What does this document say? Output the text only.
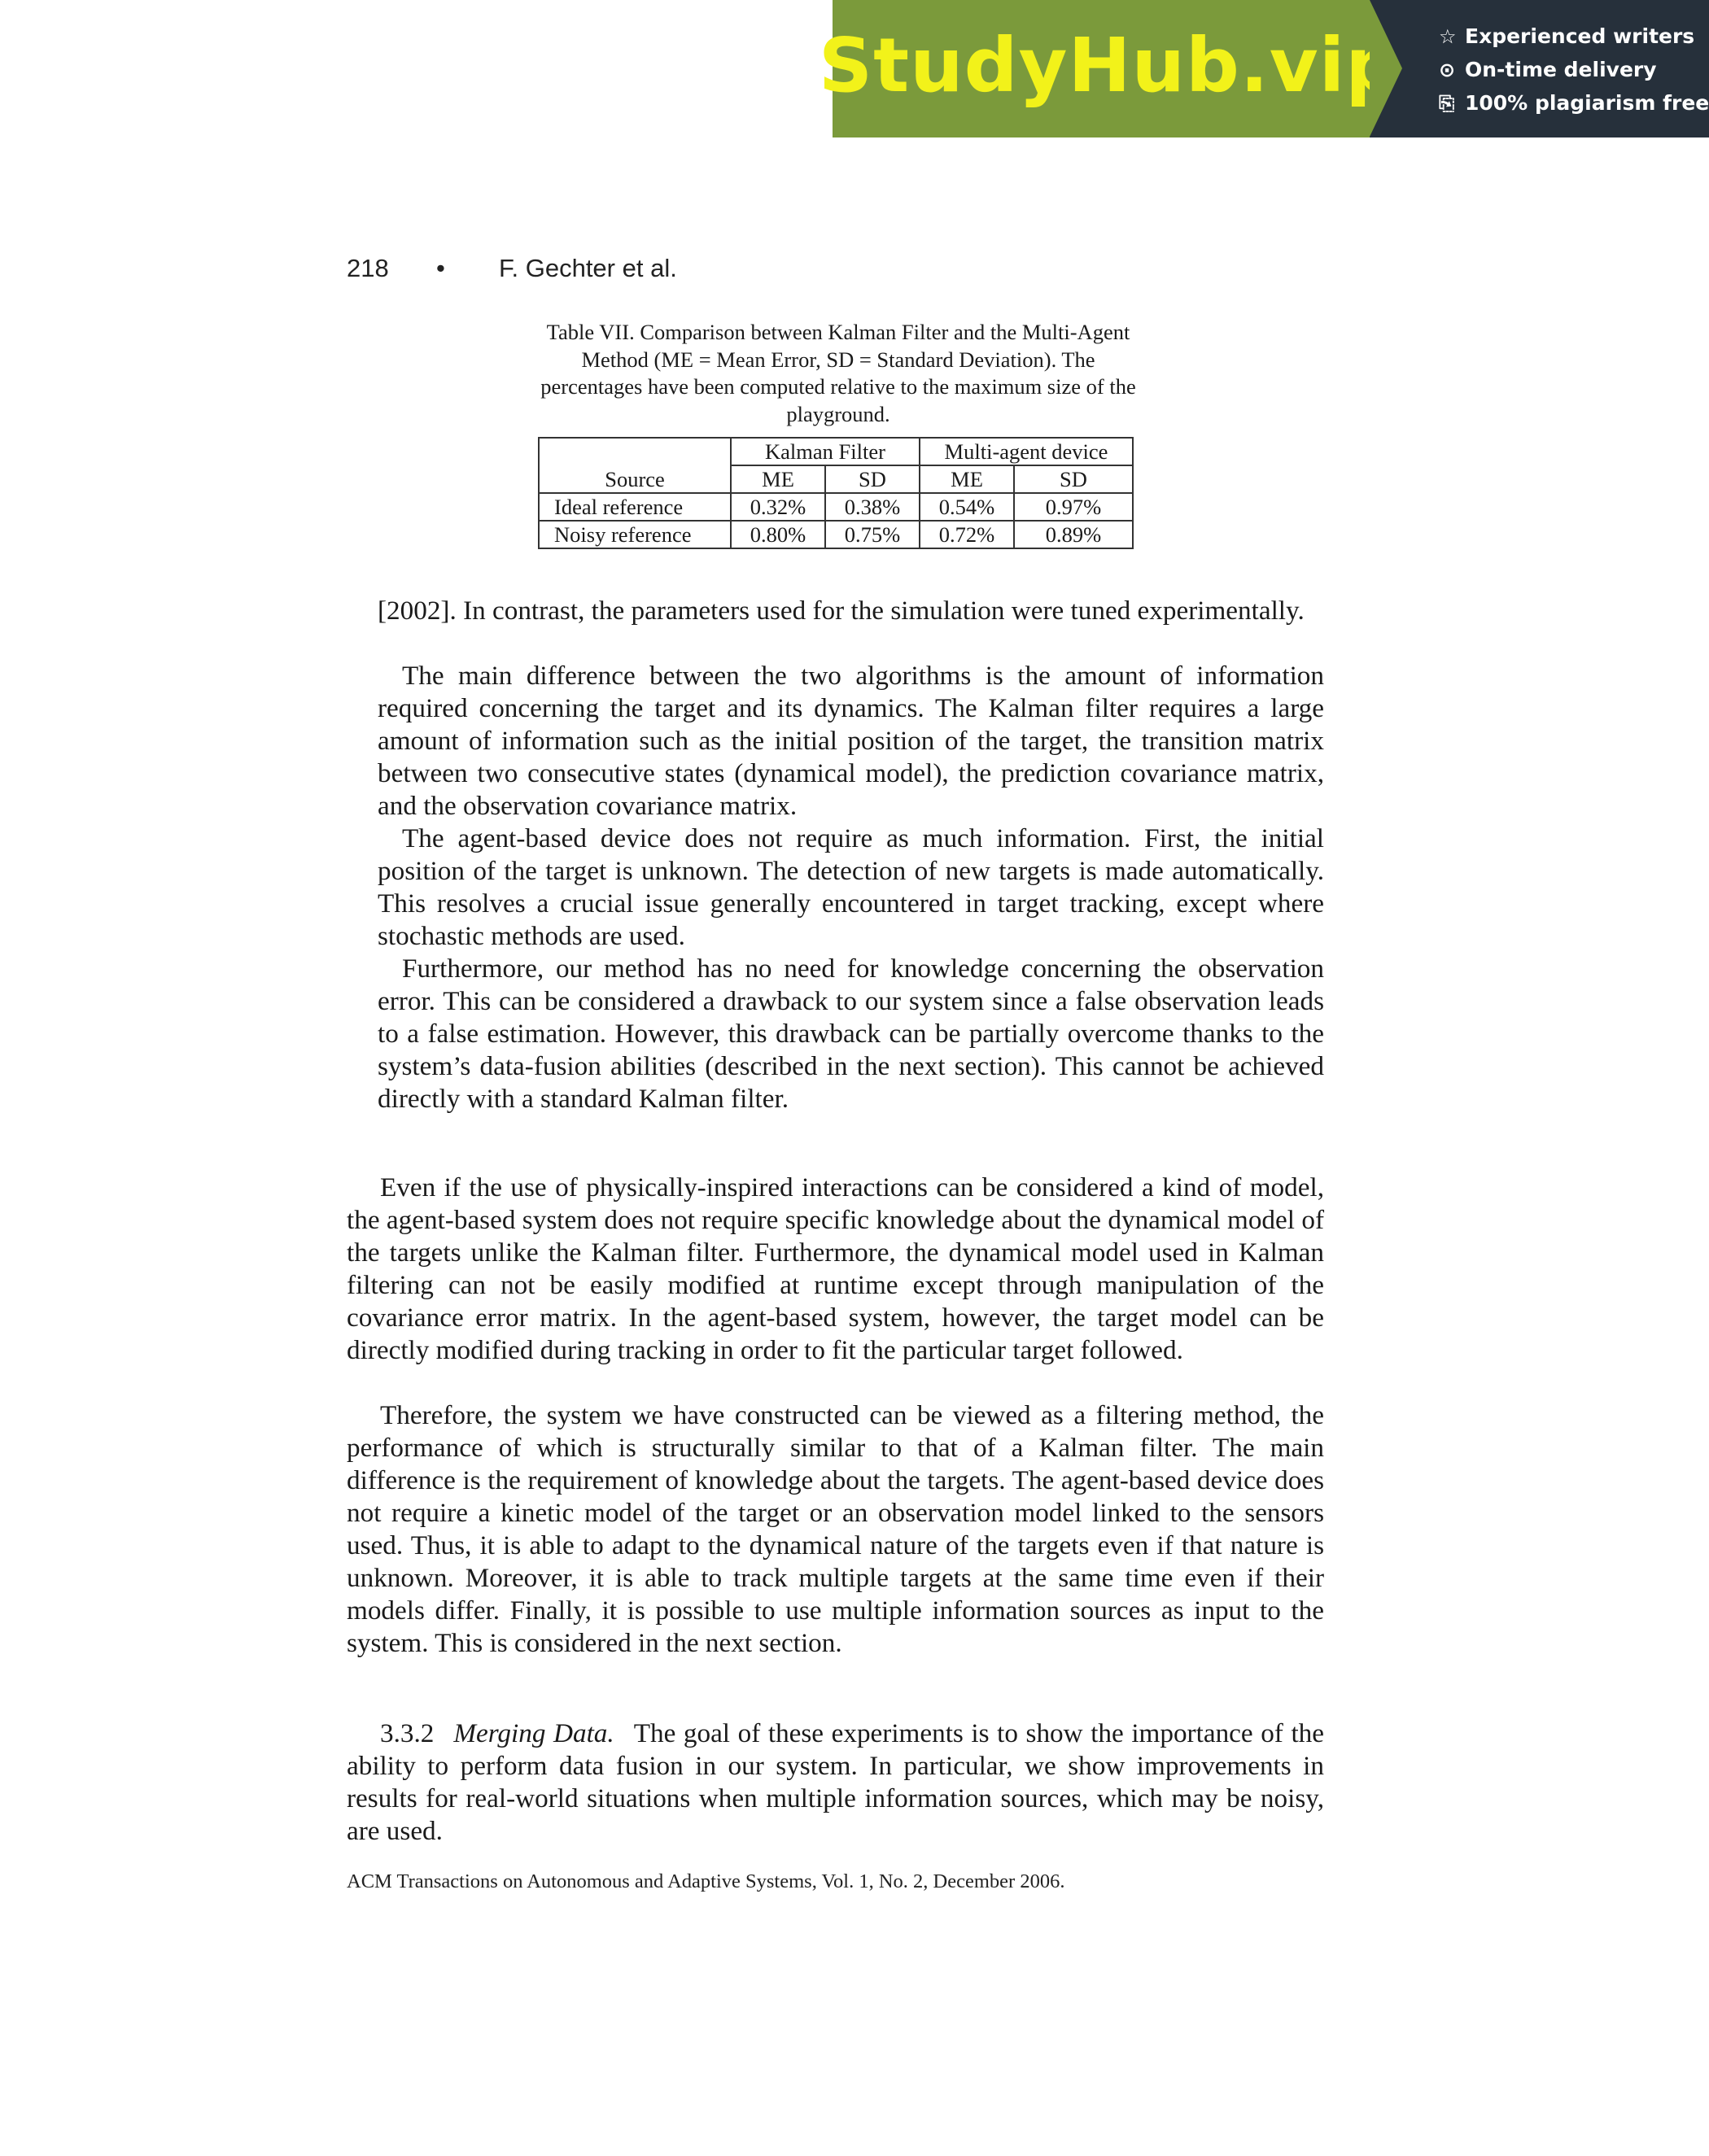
StudyHub.vip ☆ Experienced writers
⊙ On-time delivery
⎘ 100% plagiarism free
218	•	F. Gechter et al.
Table VII. Comparison between Kalman Filter and the Multi-Agent Method (ME = Mean Error, SD = Standard Deviation). The percentages have been computed relative to the maximum size of the playground.
	Kalman Filter		Multi-agent device	
Source	ME	SD	ME	SD
Ideal reference	0.32%	0.38%	0.54%	0.97%
Noisy reference	0.80%	0.75%	0.72%	0.89%

[2002]. In contrast, the parameters used for the simulation were tuned experimentally.

The main difference between the two algorithms is the amount of information required concerning the target and its dynamics. The Kalman filter requires a large amount of information such as the initial position of the target, the transition matrix between two consecutive states (dynamical model), the prediction covariance matrix, and the observation covariance matrix.

The agent-based device does not require as much information. First, the initial position of the target is unknown. The detection of new targets is made automatically. This resolves a crucial issue generally encountered in target tracking, except where stochastic methods are used.

Furthermore, our method has no need for knowledge concerning the observation error. This can be considered a drawback to our system since a false observation leads to a false estimation. However, this drawback can be partially overcome thanks to the system’s data-fusion abilities (described in the next section). This cannot be achieved directly with a standard Kalman filter.

Even if the use of physically-inspired interactions can be considered a kind of model, the agent-based system does not require specific knowledge about the dynamical model of the targets unlike the Kalman filter. Furthermore, the dynamical model used in Kalman filtering can not be easily modified at runtime except through manipulation of the covariance error matrix. In the agent-based system, however, the target model can be directly modified during tracking in order to fit the particular target followed.

Therefore, the system we have constructed can be viewed as a filtering method, the performance of which is structurally similar to that of a Kalman filter. The main difference is the requirement of knowledge about the targets. The agent-based device does not require a kinetic model of the target or an observation model linked to the sensors used. Thus, it is able to adapt to the dynamical nature of the targets even if that nature is unknown. Moreover, it is able to track multiple targets at the same time even if their models differ. Finally, it is possible to use multiple information sources as input to the system. This is considered in the next section.

3.3.2 Merging Data. The goal of these experiments is to show the importance of the ability to perform data fusion in our system. In particular, we show improvements in results for real-world situations when multiple information sources, which may be noisy, are used.

ACM Transactions on Autonomous and Adaptive Systems, Vol. 1, No. 2, December 2006.
